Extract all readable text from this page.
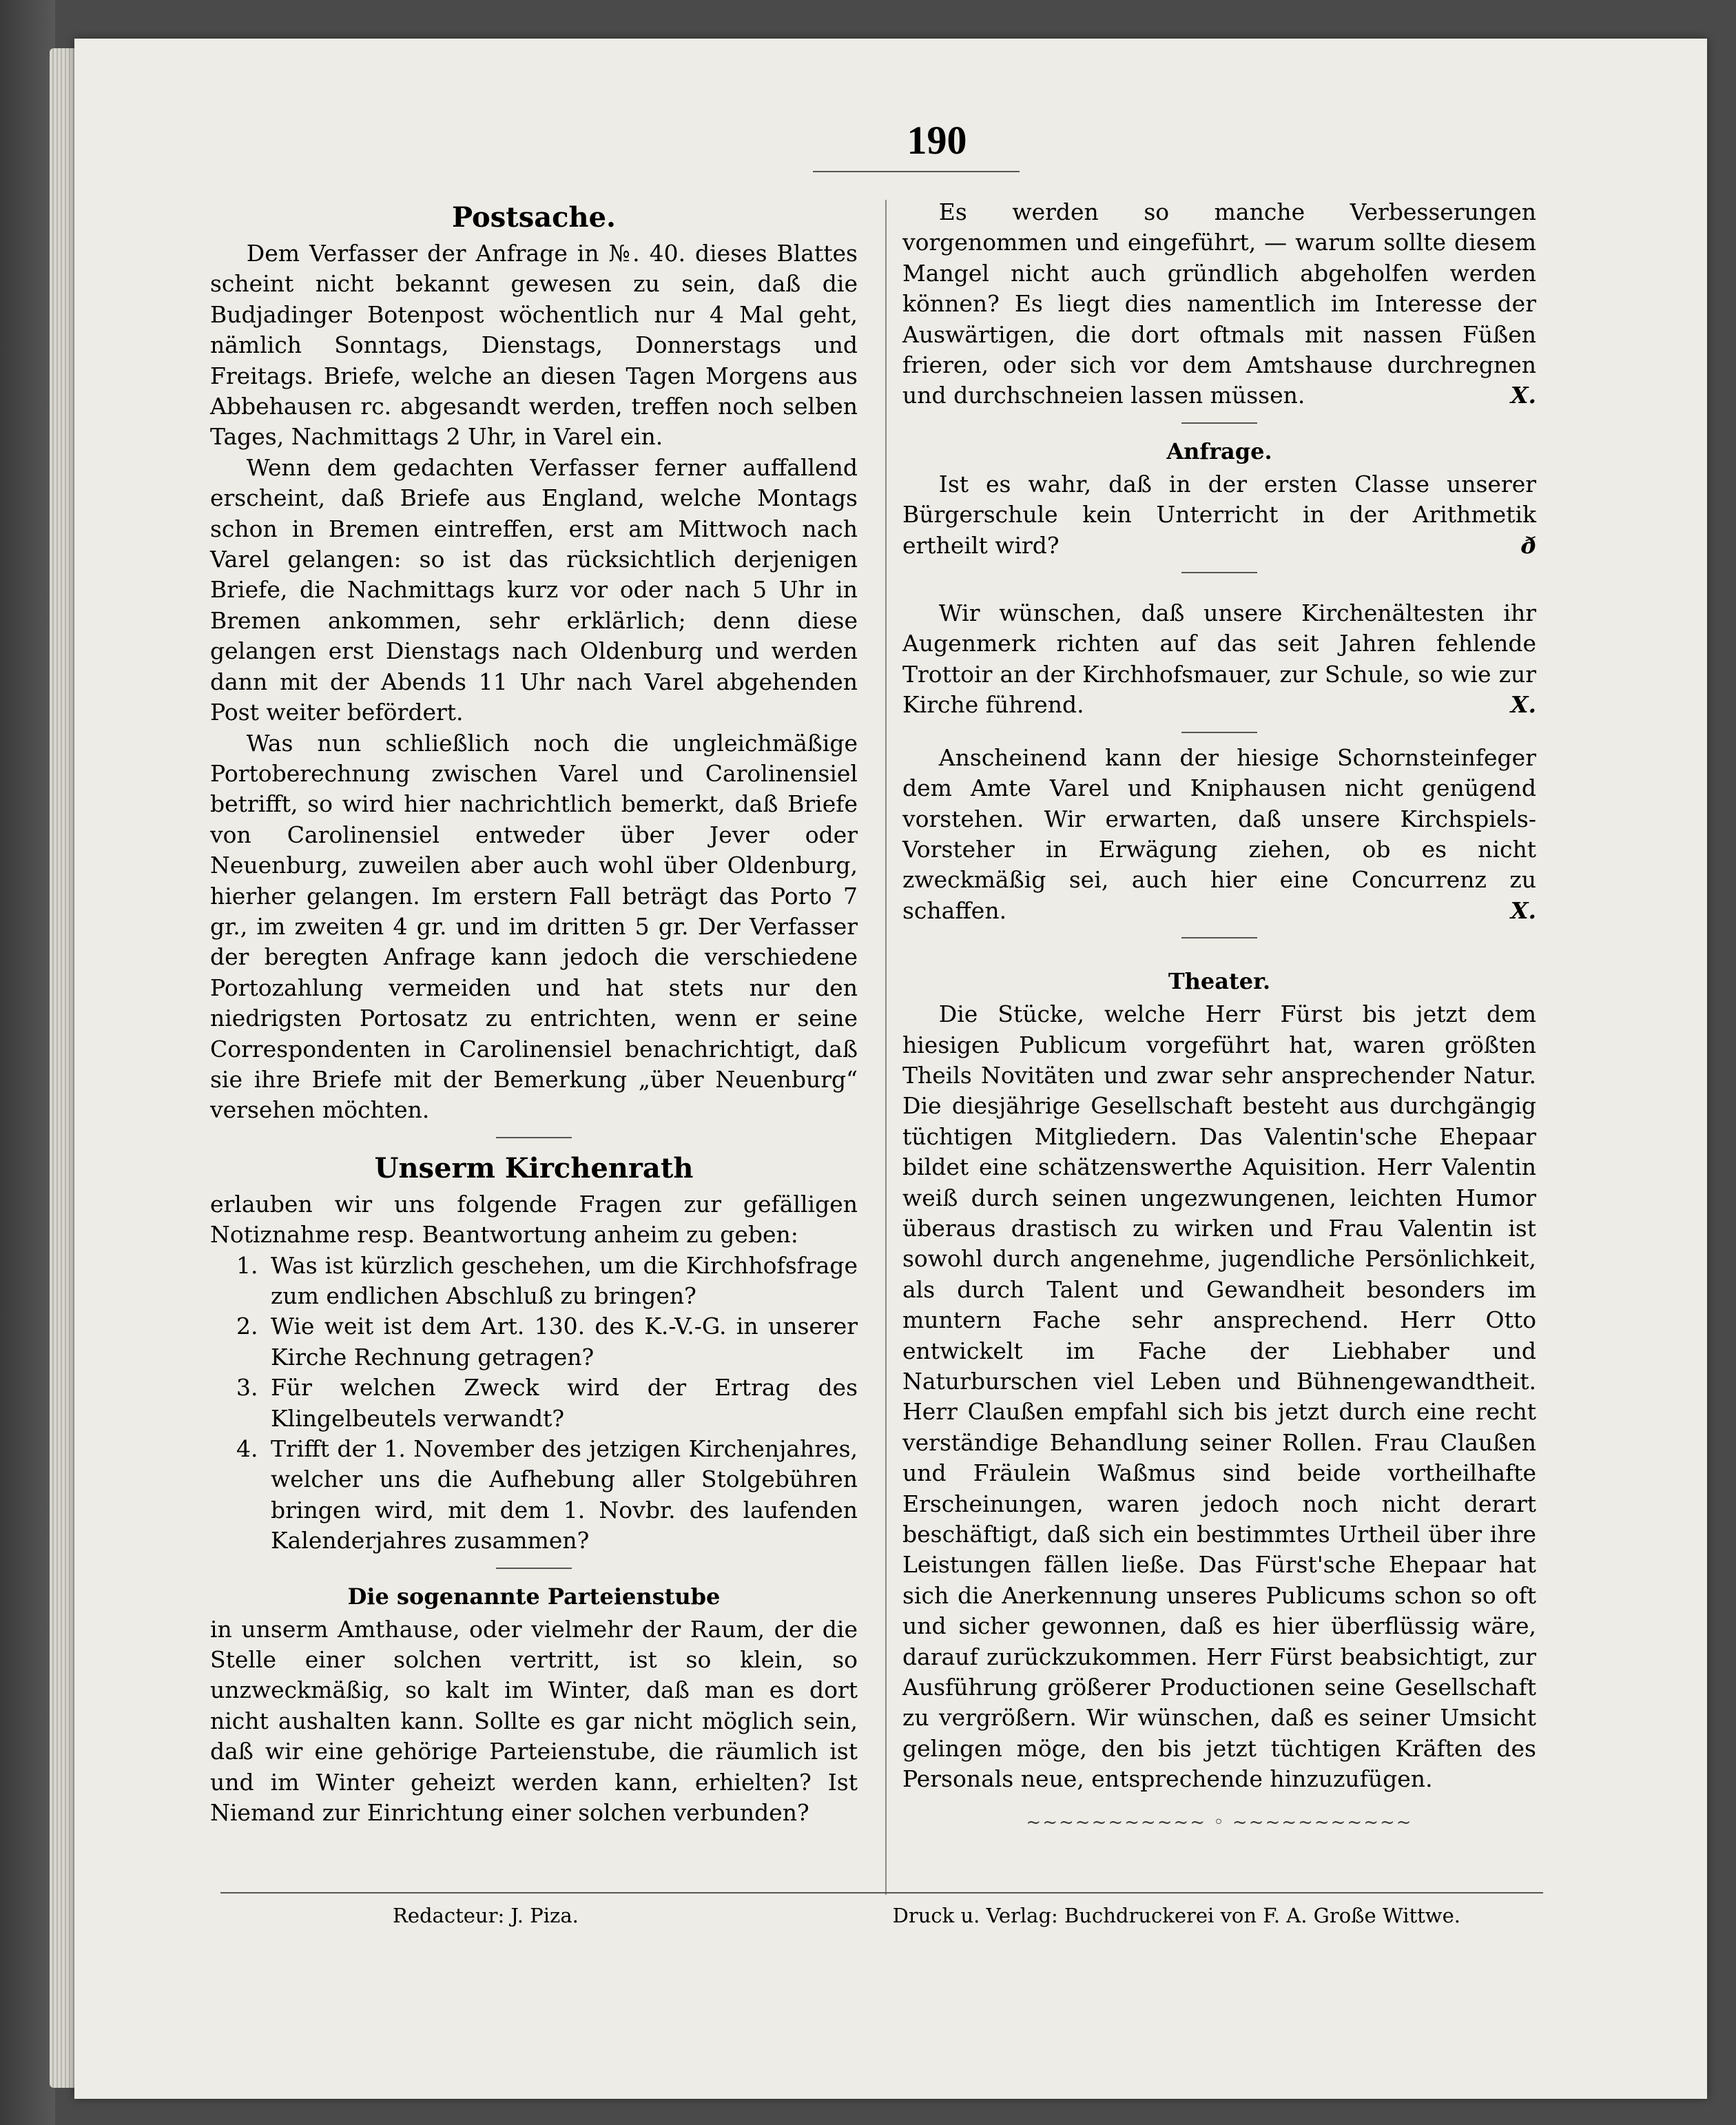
190
Postsache.

Dem Verfasser der Anfrage in №. 40. dieses Blattes scheint nicht bekannt gewesen zu sein, daß die Budjadinger Botenpost wöchentlich nur 4 Mal geht, nämlich Sonntags, Dienstags, Donnerstags und Freitags. Briefe, welche an diesen Tagen Morgens aus Abbehausen rc. abgesandt werden, treffen noch selben Tages, Nachmittags 2 Uhr, in Varel ein.

Wenn dem gedachten Verfasser ferner auffallend erscheint, daß Briefe aus England, welche Montags schon in Bremen eintreffen, erst am Mittwoch nach Varel gelangen: so ist das rücksichtlich derjenigen Briefe, die Nachmittags kurz vor oder nach 5 Uhr in Bremen ankommen, sehr erklärlich; denn diese gelangen erst Dienstags nach Oldenburg und werden dann mit der Abends 11 Uhr nach Varel abgehenden Post weiter befördert.

Was nun schließlich noch die ungleichmäßige Portoberechnung zwischen Varel und Carolinensiel betrifft, so wird hier nachrichtlich bemerkt, daß Briefe von Carolinensiel entweder über Jever oder Neuenburg, zuweilen aber auch wohl über Oldenburg, hierher gelangen. Im erstern Fall beträgt das Porto 7 gr., im zweiten 4 gr. und im dritten 5 gr. Der Verfasser der beregten Anfrage kann jedoch die verschiedene Portozahlung vermeiden und hat stets nur den niedrigsten Portosatz zu entrichten, wenn er seine Correspondenten in Carolinensiel benachrichtigt, daß sie ihre Briefe mit der Bemerkung „über Neuenburg“ versehen möchten.

Unserm Kirchenrath

erlauben wir uns folgende Fragen zur gefälligen Notiznahme resp. Beantwortung anheim zu geben:

1. Was ist kürzlich geschehen, um die Kirchhofsfrage zum endlichen Abschluß zu bringen?
2. Wie weit ist dem Art. 130. des K.-V.-G. in unserer Kirche Rechnung getragen?
3. Für welchen Zweck wird der Ertrag des Klingelbeutels verwandt?
4. Trifft der 1. November des jetzigen Kirchenjahres, welcher uns die Aufhebung aller Stolgebühren bringen wird, mit dem 1. Novbr. des laufenden Kalenderjahres zusammen?
Die sogenannte Parteienstube

in unserm Amthause, oder vielmehr der Raum, der die Stelle einer solchen vertritt, ist so klein, so unzweckmäßig, so kalt im Winter, daß man es dort nicht aushalten kann. Sollte es gar nicht möglich sein, daß wir eine gehörige Parteienstube, die räumlich ist und im Winter geheizt werden kann, erhielten? Ist Niemand zur Einrichtung einer solchen verbunden?

Es werden so manche Verbesserungen vorgenommen und eingeführt, — warum sollte diesem Mangel nicht auch gründlich abgeholfen werden können? Es liegt dies namentlich im Interesse der Auswärtigen, die dort oftmals mit nassen Füßen frieren, oder sich vor dem Amtshause durchregnen und durchschneien lassen müssen.	X.

Anfrage.

Ist es wahr, daß in der ersten Classe unserer Bürgerschule kein Unterricht in der Arithmetik ertheilt wird?	ð

Wir wünschen, daß unsere Kirchenältesten ihr Augenmerk richten auf das seit Jahren fehlende Trottoir an der Kirchhofsmauer, zur Schule, so wie zur Kirche führend.	X.

Anscheinend kann der hiesige Schornsteinfeger dem Amte Varel und Kniphausen nicht genügend vorstehen. Wir erwarten, daß unsere Kirchspiels-Vorsteher in Erwägung ziehen, ob es nicht zweckmäßig sei, auch hier eine Concurrenz zu schaffen.	X.

Theater.

Die Stücke, welche Herr Fürst bis jetzt dem hiesigen Publicum vorgeführt hat, waren größten Theils Novitäten und zwar sehr ansprechender Natur. Die diesjährige Gesellschaft besteht aus durchgängig tüchtigen Mitgliedern. Das Valentin'sche Ehepaar bildet eine schätzenswerthe Aquisition. Herr Valentin weiß durch seinen ungezwungenen, leichten Humor überaus drastisch zu wirken und Frau Valentin ist sowohl durch angenehme, jugendliche Persönlichkeit, als durch Talent und Gewandheit besonders im muntern Fache sehr ansprechend. Herr Otto entwickelt im Fache der Liebhaber und Naturburschen viel Leben und Bühnengewandtheit. Herr Claußen empfahl sich bis jetzt durch eine recht verständige Behandlung seiner Rollen. Frau Claußen und Fräulein Waßmus sind beide vortheilhafte Erscheinungen, waren jedoch noch nicht derart beschäftigt, daß sich ein bestimmtes Urtheil über ihre Leistungen fällen ließe. Das Fürst'sche Ehepaar hat sich die Anerkennung unseres Publicums schon so oft und sicher gewonnen, daß es hier überflüssig wäre, darauf zurückzukommen. Herr Fürst beabsichtigt, zur Ausführung größerer Productionen seine Gesellschaft zu vergrößern. Wir wünschen, daß es seiner Umsicht gelingen möge, den bis jetzt tüchtigen Kräften des Personals neue, entsprechende hinzuzufügen.

~~~~~~~~~~~ ◦ ~~~~~~~~~~~
Redacteur: J. Piza.	Druck u. Verlag: Buchdruckerei von F. A. Große Wittwe.
